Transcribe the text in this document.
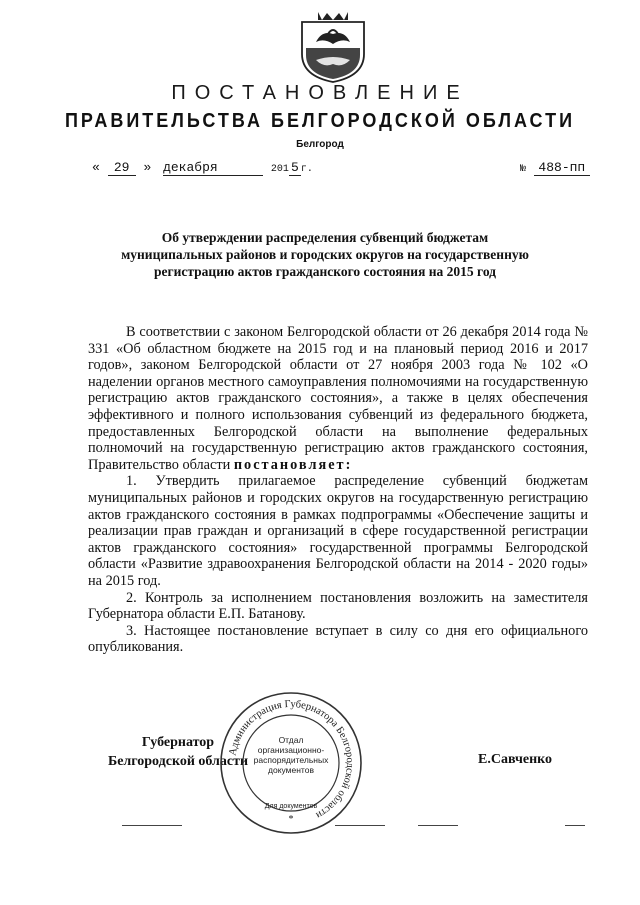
ПОСТАНОВЛЕНИЕ
ПРАВИТЕЛЬСТВА БЕЛГОРОДСКОЙ ОБЛАСТИ
Белгород
« 29 » декабря	201 5 г.	№ 488-пп
Об утверждении распределения субвенций бюджетам муниципальных районов и городских округов на государственную регистрацию актов гражданского состояния на 2015 год

В соответствии с законом Белгородской области от 26 декабря 2014 года № 331 «Об областном бюджете на 2015 год и на плановый период 2016 и 2017 годов», законом Белгородской области от 27 ноября 2003 года № 102 «О наделении органов местного самоуправления полномочиями на государственную регистрацию актов гражданского состояния», а также в целях обеспечения эффективного и полного использования субвенций из федерального бюджета, предоставленных Белгородской области на выполнение федеральных полномочий на государственную регистрацию актов гражданского состояния, Правительство области постановляет:

1. Утвердить прилагаемое распределение субвенций бюджетам муниципальных районов и городских округов на государственную регистрацию актов гражданского состояния в рамках подпрограммы «Обеспечение защиты и реализации прав граждан и организаций в сфере государственной регистрации актов гражданского состояния» государственной программы Белгородской области «Развитие здравоохранения Белгородской области на 2014 - 2020 годы» на 2015 год.

2. Контроль за исполнением постановления возложить на заместителя Губернатора области Е.П. Батанову.

3. Настоящее постановление вступает в силу со дня его официального опубликования.

Губернатор
Белгородской области	Е.Савченко
Администрация Губернатора Белгородской области
Отдал организационно-распорядительных документов
Для документов
*
